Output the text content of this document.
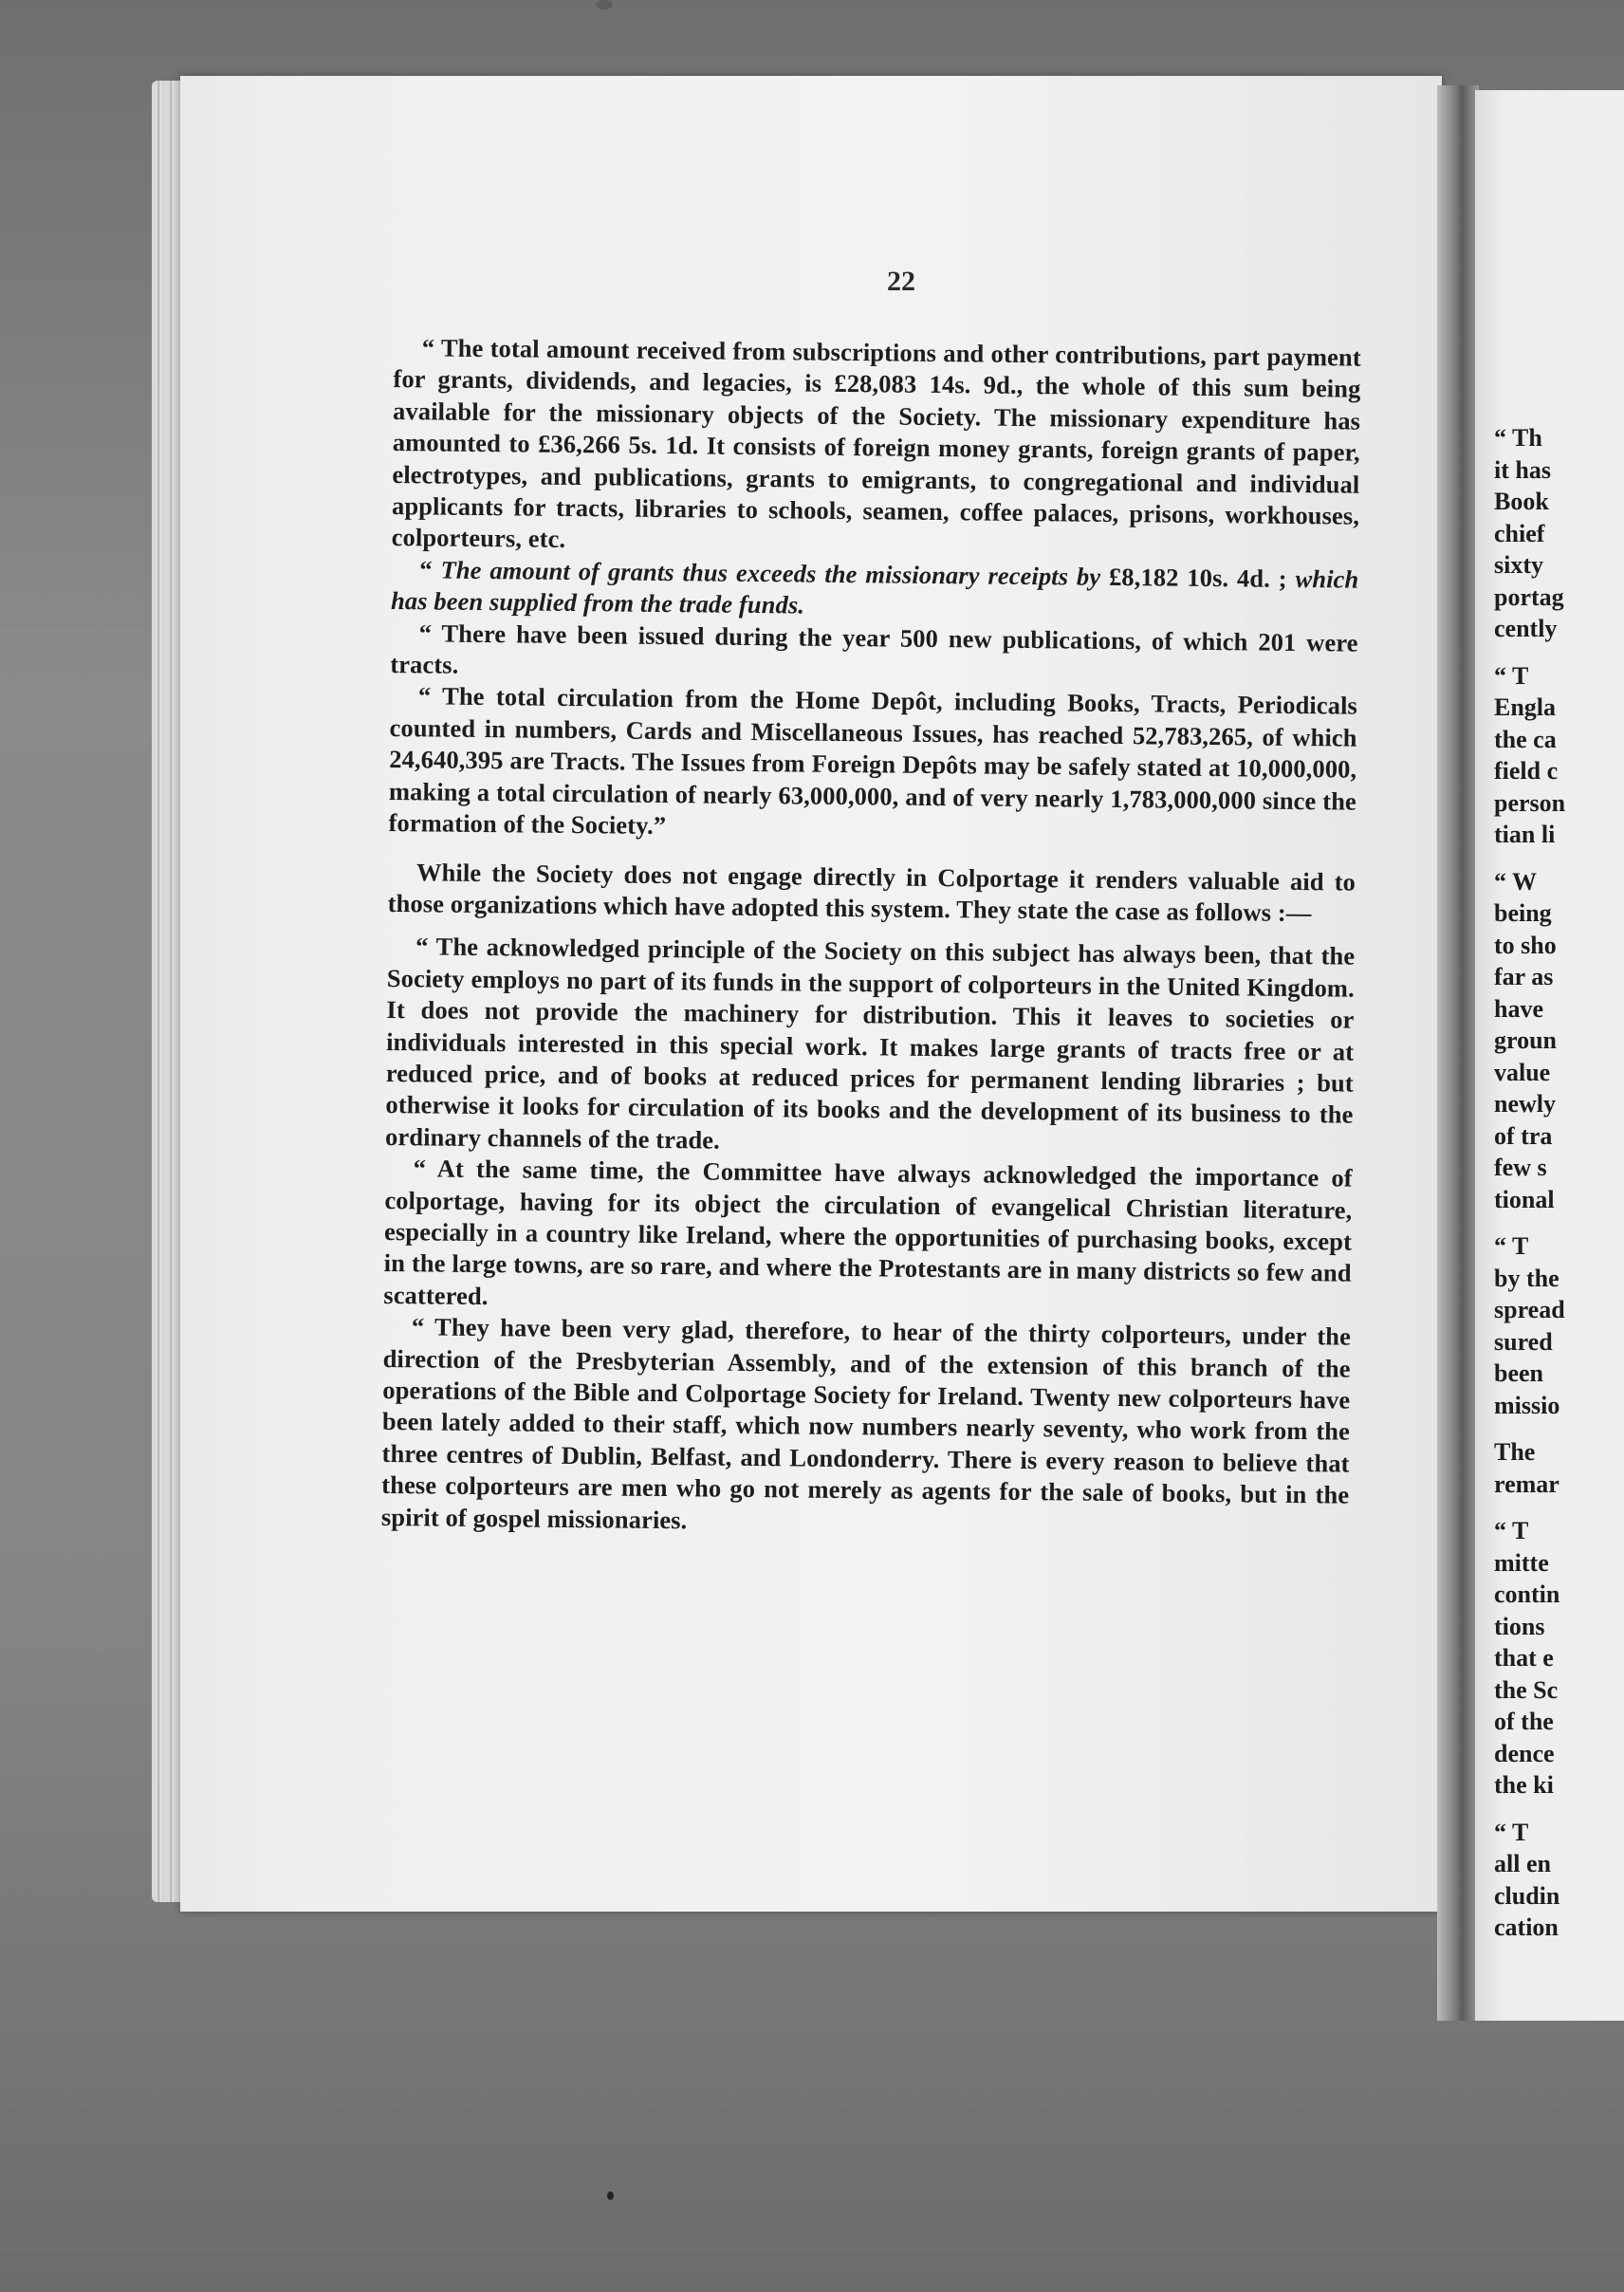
22

“ The total amount received from subscriptions and other contributions, part payment for grants, dividends, and legacies, is £28,083 14s. 9d., the whole of this sum being available for the missionary objects of the Society. The missionary expenditure has amounted to £36,266 5s. 1d. It consists of foreign money grants, foreign grants of paper, electrotypes, and publications, grants to emigrants, to congregational and individual applicants for tracts, libraries to schools, seamen, coffee palaces, prisons, workhouses, colporteurs, etc.

“ The amount of grants thus exceeds the missionary receipts by £8,182 10s. 4d. ; which has been supplied from the trade funds.

“ There have been issued during the year 500 new publications, of which 201 were tracts.

“ The total circulation from the Home Depôt, including Books, Tracts, Periodicals counted in numbers, Cards and Miscellaneous Issues, has reached 52,783,265, of which 24,640,395 are Tracts. The Issues from Foreign Depôts may be safely stated at 10,000,000, making a total circulation of nearly 63,000,000, and of very nearly 1,783,000,000 since the formation of the Society.”

While the Society does not engage directly in Colportage it renders valuable aid to those organizations which have adopted this system. They state the case as follows :—

“ The acknowledged principle of the Society on this subject has always been, that the Society employs no part of its funds in the support of colporteurs in the United Kingdom. It does not provide the machinery for distribution. This it leaves to societies or individuals interested in this special work. It makes large grants of tracts free or at reduced price, and of books at reduced prices for permanent lending libraries ; but otherwise it looks for circulation of its books and the development of its business to the ordinary channels of the trade.

“ At the same time, the Committee have always acknowledged the importance of colportage, having for its object the circulation of evangelical Christian literature, especially in a country like Ireland, where the opportunities of purchasing books, except in the large towns, are so rare, and where the Protestants are in many districts so few and scattered.

“ They have been very glad, therefore, to hear of the thirty colporteurs, under the direction of the Presbyterian Assembly, and of the extension of this branch of the operations of the Bible and Colportage Society for Ireland. Twenty new colporteurs have been lately added to their staff, which now numbers nearly seventy, who work from the three centres of Dublin, Belfast, and Londonderry. There is every reason to believe that these colporteurs are men who go not merely as agents for the sale of books, but in the spirit of gospel missionaries.

“ Th
it has
Book
chief
sixty
portag
cently
“ T
Engla
the ca
field c
person
tian li
“ W
being
to sho
far as
have
groun
value
newly
of tra
few s
tional
“ T
by the
spread
sured
been
missio
The
remar
“ T
mitte
contin
tions
that e
the Sc
of the
dence
the ki
“ T
all en
cludin
cation
